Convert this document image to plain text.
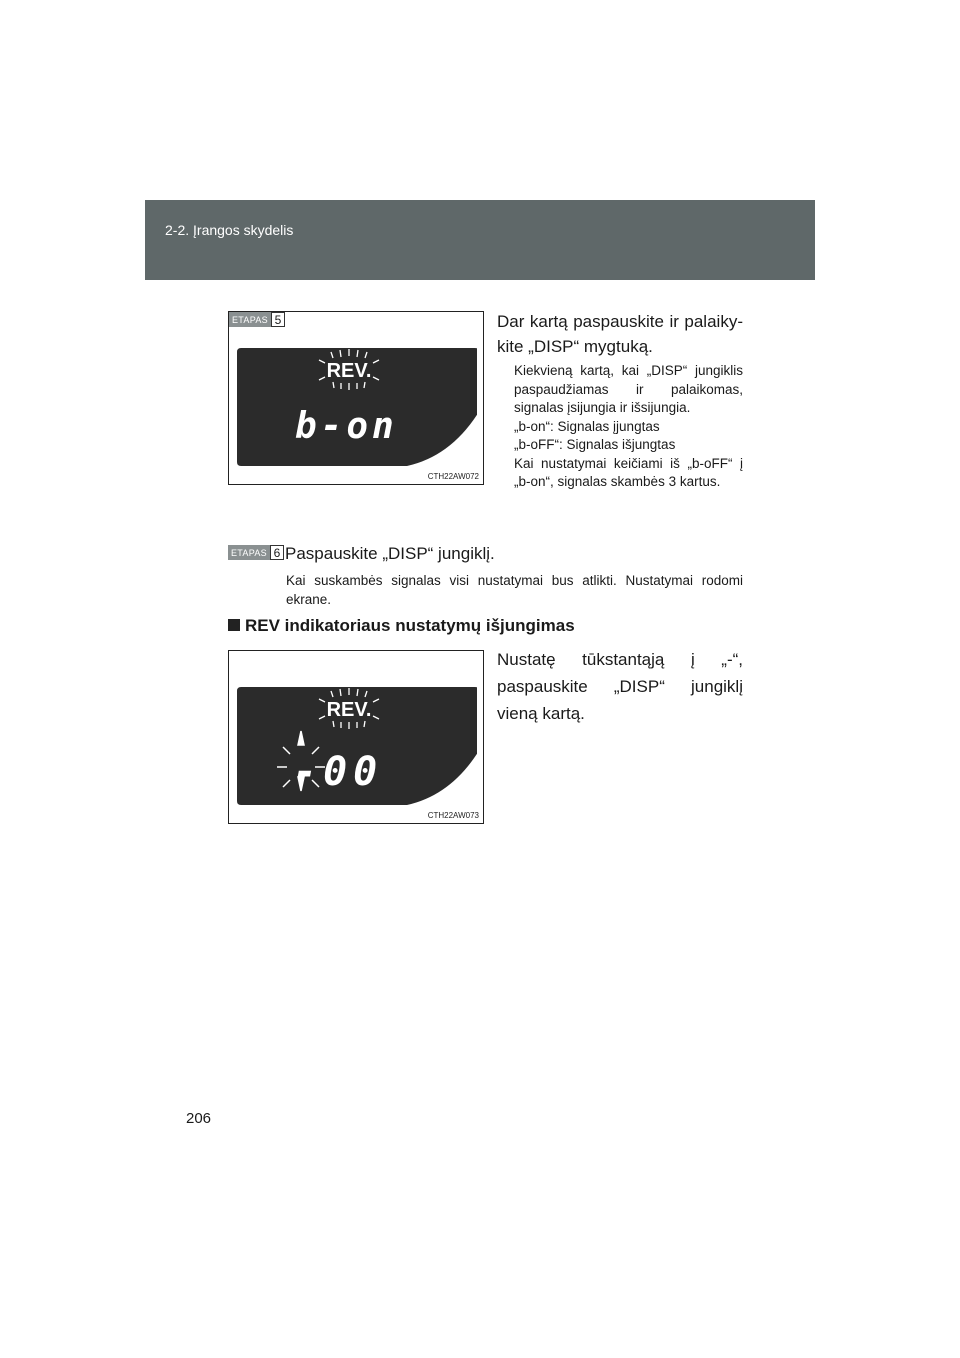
2-2. Įrangos skydelis
REV.
b-on
CTH22AW072
ETAPAS 5	Dar kartą paspauskite ir palaikykite „DISP“ mygtuką.
Kiekvieną kartą, kai „DISP“ jungiklis paspaudžiamas ir palaikomas, signalas įsijungia ir išsijungia.
„b-on“: Signalas įjungtas
„b-oFF“: Signalas išjungtas
Kai nustatymai keičiami iš „b-oFF“ į „b-on“, signalas skambės 3 kartus.
ETAPAS 6 Paspauskite „DISP“ jungiklį.
Kai suskambės signalas visi nustatymai bus atlikti. Nustatymai rodomi ekrane.
REV indikatoriaus nustatymų išjungimas
REV.
-00
CTH22AW073
Nustatę tūkstantąją į „-“, paspauskite „DISP“ jungiklį vieną kartą.
206
